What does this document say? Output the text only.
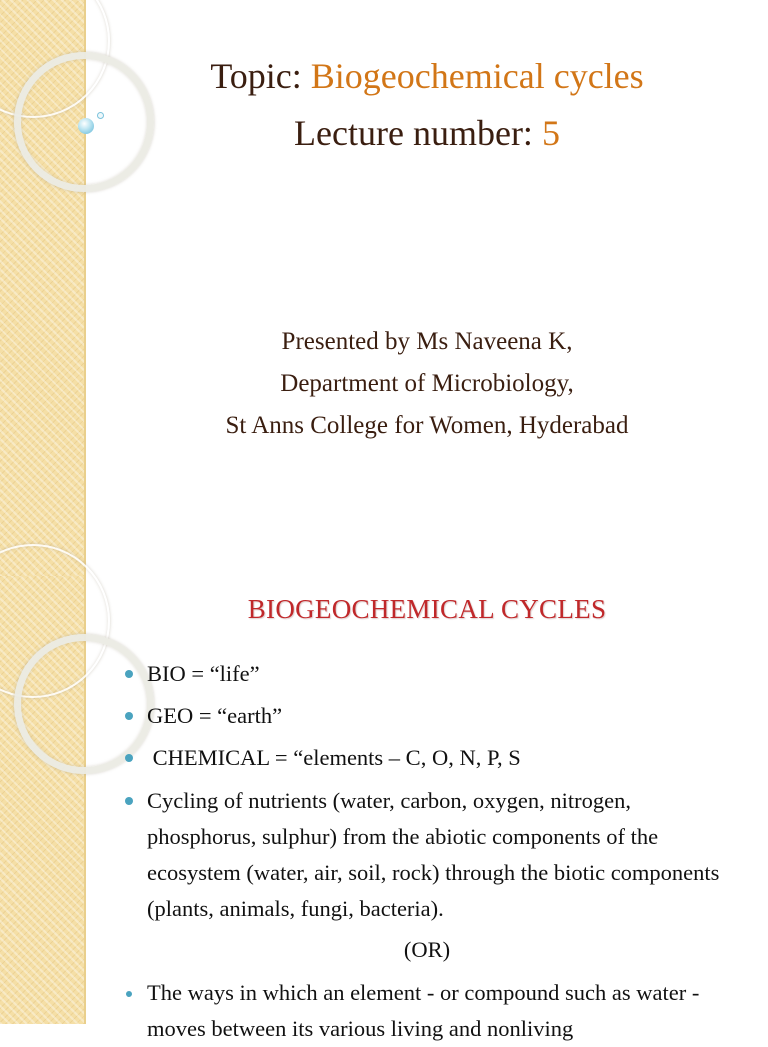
Topic: Biogeochemical cycles
Lecture number: 5
Presented by Ms Naveena K,
Department of Microbiology,
St Anns College for Women, Hyderabad
BIOGEOCHEMICAL CYCLES
BIO = “life”
GEO = “earth”
CHEMICAL = “elements – C, O, N, P, S
Cycling of nutrients (water, carbon, oxygen, nitrogen, phosphorus, sulphur) from the abiotic components of the ecosystem (water, air, soil, rock) through the biotic components (plants, animals, fungi, bacteria).
(OR)
The ways in which an element - or compound such as water - moves between its various living and nonliving
